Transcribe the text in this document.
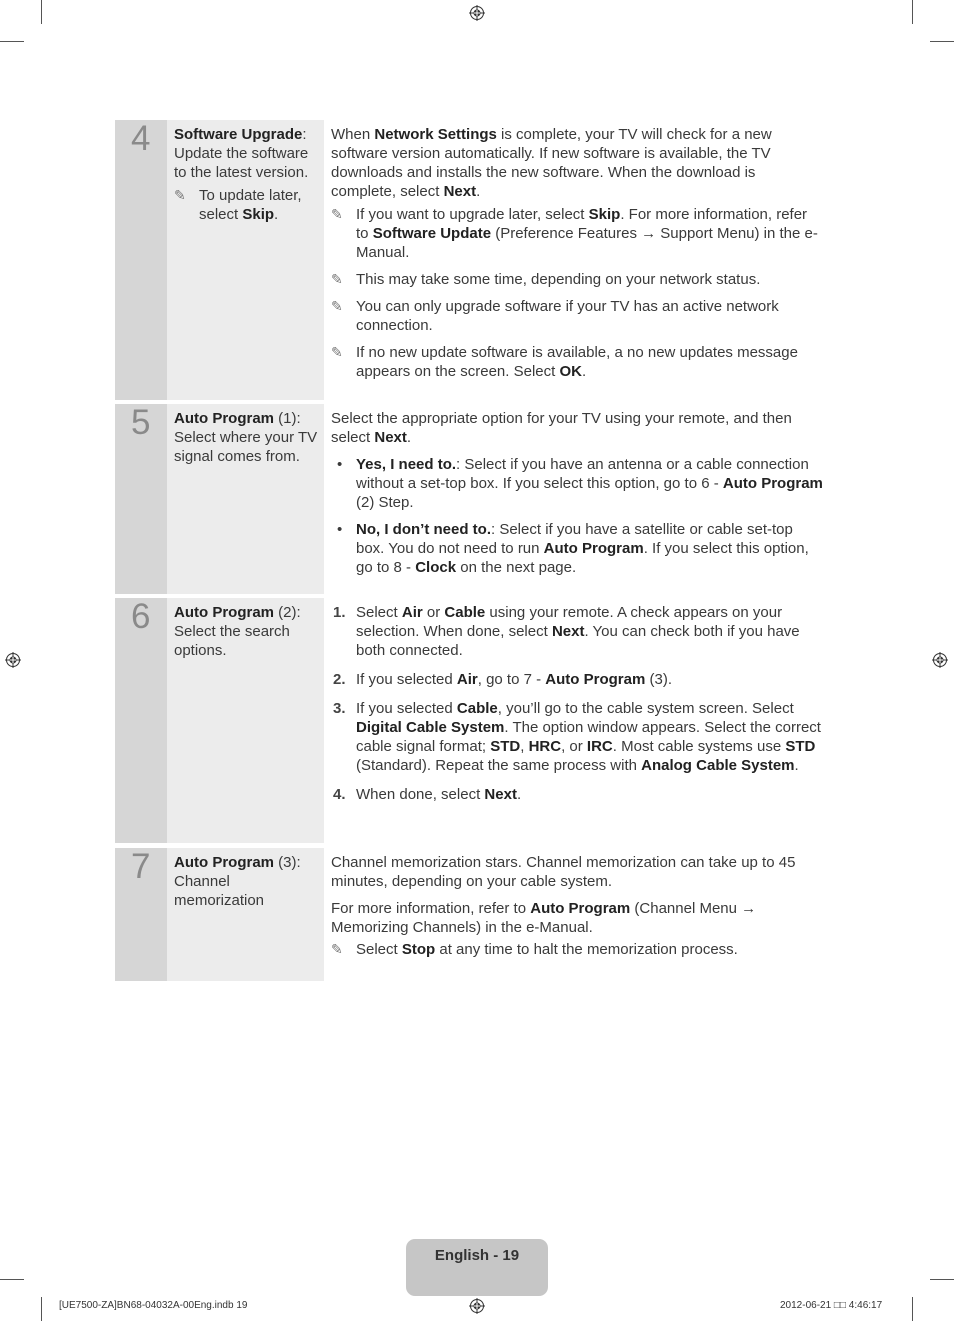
4 Software Upgrade: Update the software to the latest version.
✎ To update later, select Skip.

When Network Settings is complete, your TV will check for a new software version automatically. If new software is available, the TV downloads and installs the new software. When the download is complete, select Next.

✎ If you want to upgrade later, select Skip. For more information, refer to Software Update (Preference Features → Support Menu) in the e-Manual.
✎ This may take some time, depending on your network status.
✎ You can only upgrade software if your TV has an active network connection.
✎ If no new update software is available, a no new updates message appears on the screen. Select OK.
5 Auto Program (1): Select where your TV signal comes from.

Select the appropriate option for your TV using your remote, and then select Next.

• Yes, I need to.: Select if you have an antenna or a cable connection without a set-top box. If you select this option, go to 6 - Auto Program (2) Step.
• No, I don’t need to.: Select if you have a satellite or cable set-top box. You do not need to run Auto Program. If you select this option, go to 8 - Clock on the next page.
6 Auto Program (2): Select the search options.
1. Select Air or Cable using your remote. A check appears on your selection. When done, select Next. You can check both if you have both connected.
2. If you selected Air, go to 7 - Auto Program (3).
3. If you selected Cable, you’ll go to the cable system screen. Select Digital Cable System. The option window appears. Select the correct cable signal format; STD, HRC, or IRC. Most cable systems use STD (Standard). Repeat the same process with Analog Cable System.
4. When done, select Next.
7 Auto Program (3): Channel memorization

Channel memorization stars. Channel memorization can take up to 45 minutes, depending on your cable system.

For more information, refer to Auto Program (Channel Menu → Memorizing Channels) in the e-Manual.

✎ Select Stop at any time to halt the memorization process.
English - 19
[UE7500-ZA]BN68-04032A-00Eng.indb 19	2012-06-21 □□ 4:46:17
